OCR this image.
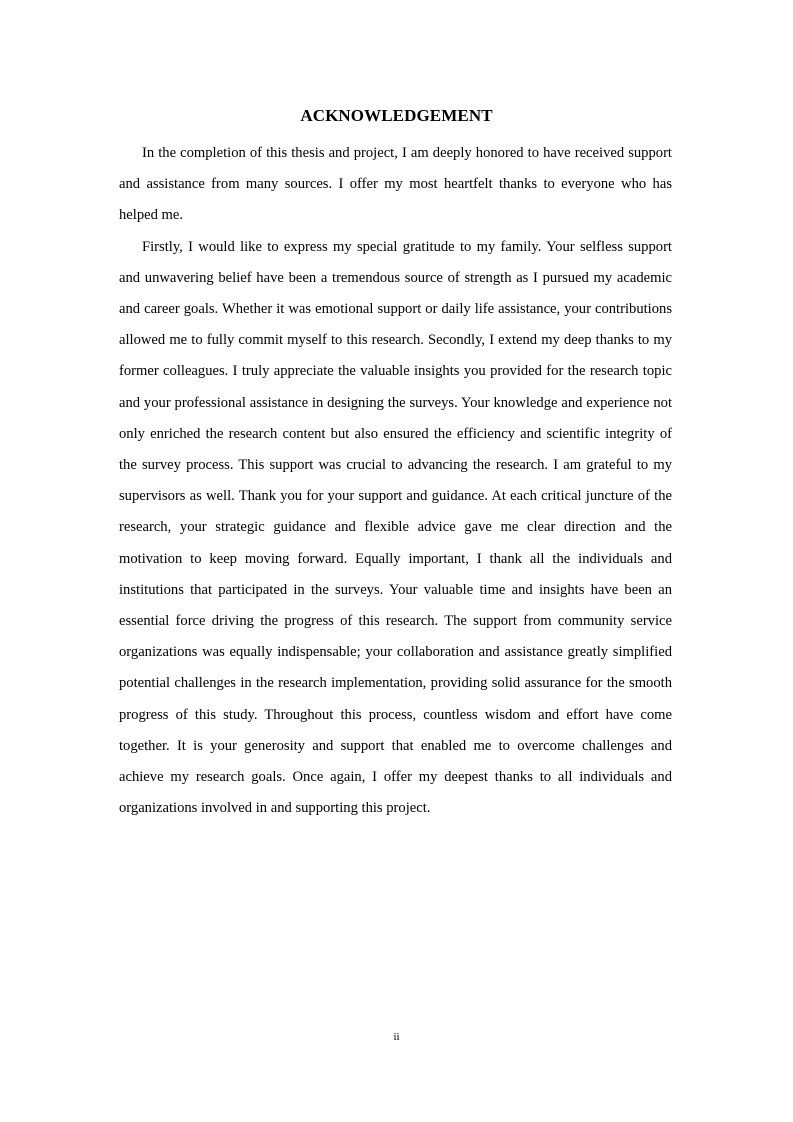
ACKNOWLEDGEMENT

In the completion of this thesis and project, I am deeply honored to have received support and assistance from many sources. I offer my most heartfelt thanks to everyone who has helped me.

Firstly, I would like to express my special gratitude to my family. Your selfless support and unwavering belief have been a tremendous source of strength as I pursued my academic and career goals. Whether it was emotional support or daily life assistance, your contributions allowed me to fully commit myself to this research. Secondly, I extend my deep thanks to my former colleagues. I truly appreciate the valuable insights you provided for the research topic and your professional assistance in designing the surveys. Your knowledge and experience not only enriched the research content but also ensured the efficiency and scientific integrity of the survey process. This support was crucial to advancing the research. I am grateful to my supervisors as well. Thank you for your support and guidance. At each critical juncture of the research, your strategic guidance and flexible advice gave me clear direction and the motivation to keep moving forward. Equally important, I thank all the individuals and institutions that participated in the surveys. Your valuable time and insights have been an essential force driving the progress of this research. The support from community service organizations was equally indispensable; your collaboration and assistance greatly simplified potential challenges in the research implementation, providing solid assurance for the smooth progress of this study. Throughout this process, countless wisdom and effort have come together. It is your generosity and support that enabled me to overcome challenges and achieve my research goals. Once again, I offer my deepest thanks to all individuals and organizations involved in and supporting this project.

ii
